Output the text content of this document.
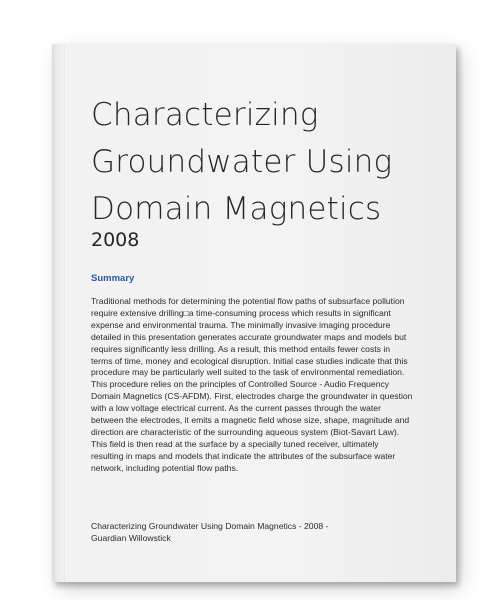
Characterizing Groundwater Using Domain Magnetics
2008
Summary

Traditional methods for determining the potential flow paths of subsurface pollution require extensive drilling□a time-consuming process which results in significant expense and environmental trauma. The minimally invasive imaging procedure detailed in this presentation generates accurate groundwater maps and models but requires significantly less drilling. As a result, this method entails fewer costs in terms of time, money and ecological disruption. Initial case studies indicate that this procedure may be particularly well suited to the task of environmental remediation. This procedure relies on the principles of Controlled Source - Audio Frequency Domain Magnetics (CS-AFDM). First, electrodes charge the groundwater in question with a low voltage electrical current. As the current passes through the water between the electrodes, it emits a magnetic field whose size, shape, magnitude and direction are characteristic of the surrounding aqueous system (Biot-Savart Law). This field is then read at the surface by a specially tuned receiver, ultimately resulting in maps and models that indicate the attributes of the subsurface water network, including potential flow paths.

Characterizing Groundwater Using Domain Magnetics - 2008 - Guardian Willowstick
